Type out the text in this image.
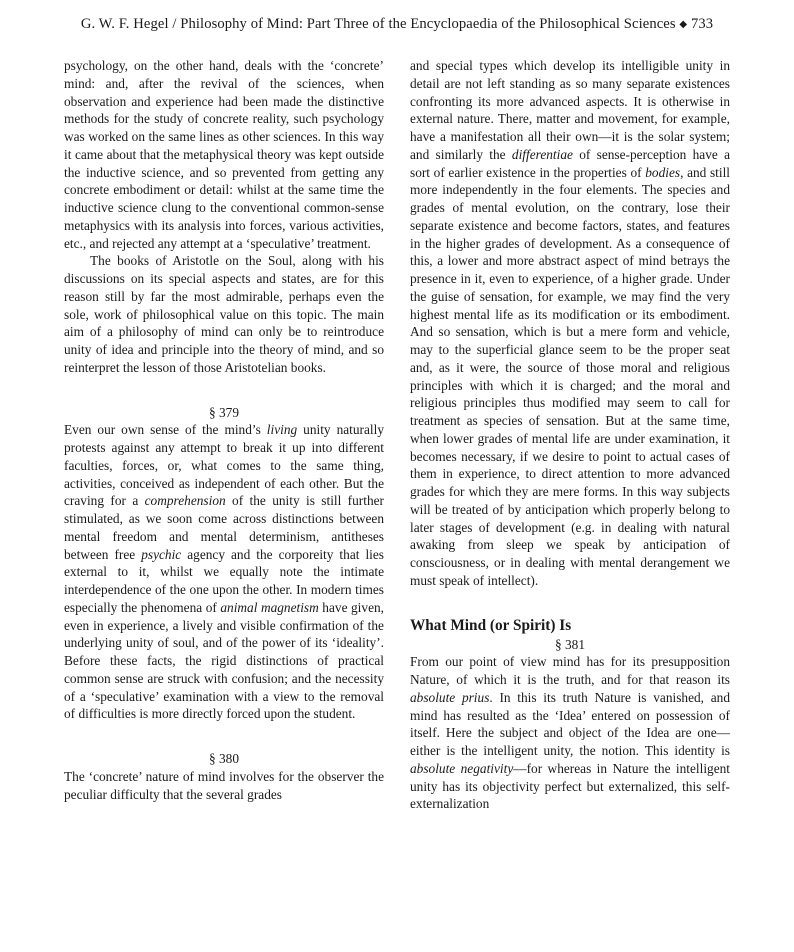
G. W. F. Hegel / Philosophy of Mind: Part Three of the Encyclopaedia of the Philosophical Sciences ◆ 733

psychology, on the other hand, deals with the ‘concrete’ mind: and, after the revival of the sciences, when observation and experience had been made the distinctive methods for the study of concrete reality, such psychology was worked on the same lines as other sciences. In this way it came about that the metaphysical theory was kept outside the inductive science, and so prevented from getting any concrete embodiment or detail: whilst at the same time the inductive science clung to the conventional common-sense metaphysics with its analysis into forces, various activities, etc., and rejected any attempt at a ‘speculative’ treatment.

The books of Aristotle on the Soul, along with his discussions on its special aspects and states, are for this reason still by far the most admirable, perhaps even the sole, work of philosophical value on this topic. The main aim of a philosophy of mind can only be to reintroduce unity of idea and principle into the theory of mind, and so reinterpret the lesson of those Aristotelian books.

§ 379

Even our own sense of the mind’s living unity naturally protests against any attempt to break it up into different faculties, forces, or, what comes to the same thing, activities, conceived as independent of each other. But the craving for a comprehension of the unity is still further stimulated, as we soon come across distinctions between mental freedom and mental determinism, antitheses between free psychic agency and the corporeity that lies external to it, whilst we equally note the intimate interdependence of the one upon the other. In modern times especially the phenomena of animal magnetism have given, even in experience, a lively and visible confirmation of the underlying unity of soul, and of the power of its ‘ideality’. Before these facts, the rigid distinctions of practical common sense are struck with confusion; and the necessity of a ‘speculative’ examination with a view to the removal of difficulties is more directly forced upon the student.

§ 380

The ‘concrete’ nature of mind involves for the observer the peculiar difficulty that the several grades

and special types which develop its intelligible unity in detail are not left standing as so many separate existences confronting its more advanced aspects. It is otherwise in external nature. There, matter and movement, for example, have a manifestation all their own—it is the solar system; and similarly the differentiae of sense-perception have a sort of earlier existence in the properties of bodies, and still more independently in the four elements. The species and grades of mental evolution, on the contrary, lose their separate existence and become factors, states, and features in the higher grades of development. As a consequence of this, a lower and more abstract aspect of mind betrays the presence in it, even to experience, of a higher grade. Under the guise of sensation, for example, we may find the very highest mental life as its modification or its embodiment. And so sensation, which is but a mere form and vehicle, may to the superficial glance seem to be the proper seat and, as it were, the source of those moral and religious principles with which it is charged; and the moral and religious principles thus modified may seem to call for treatment as species of sensation. But at the same time, when lower grades of mental life are under examination, it becomes necessary, if we desire to point to actual cases of them in experience, to direct attention to more advanced grades for which they are mere forms. In this way subjects will be treated of by anticipation which properly belong to later stages of development (e.g. in dealing with natural awaking from sleep we speak by anticipation of consciousness, or in dealing with mental derangement we must speak of intellect).

What Mind (or Spirit) Is

§ 381

From our point of view mind has for its presupposition Nature, of which it is the truth, and for that reason its absolute prius. In this its truth Nature is vanished, and mind has resulted as the ‘Idea’ entered on possession of itself. Here the subject and object of the Idea are one—either is the intelligent unity, the notion. This identity is absolute negativity—for whereas in Nature the intelligent unity has its objectivity perfect but externalized, this self-externalization
